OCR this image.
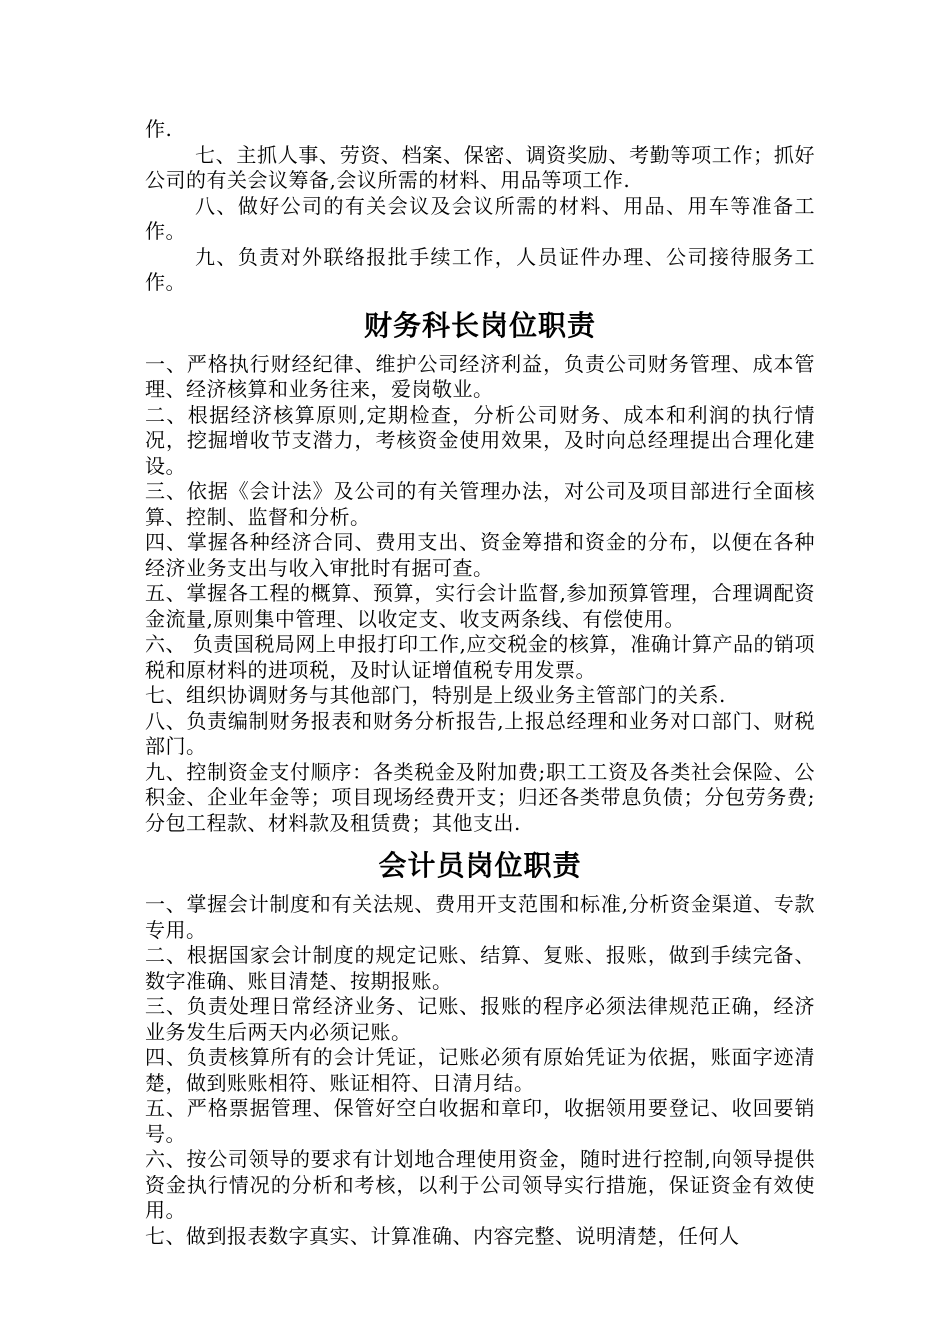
作.

七、主抓人事、劳资、档案、保密、调资奖励、考勤等项工作；抓好公司的有关会议筹备,会议所需的材料、用品等项工作.

八、做好公司的有关会议及会议所需的材料、用品、用车等准备工作。

九、负责对外联络报批手续工作，人员证件办理、公司接待服务工作。

财务科长岗位职责

一、严格执行财经纪律、维护公司经济利益，负责公司财务管理、成本管理、经济核算和业务往来，爱岗敬业。

二、根据经济核算原则,定期检查，分析公司财务、成本和利润的执行情况，挖掘增收节支潜力，考核资金使用效果，及时向总经理提出合理化建设。

三、依据《会计法》及公司的有关管理办法，对公司及项目部进行全面核算、控制、监督和分析。

四、掌握各种经济合同、费用支出、资金筹措和资金的分布，以便在各种经济业务支出与收入审批时有据可查。

五、掌握各工程的概算、预算，实行会计监督,参加预算管理，合理调配资金流量,原则集中管理、以收定支、收支两条线、有偿使用。

六、 负责国税局网上申报打印工作,应交税金的核算，准确计算产品的销项税和原材料的进项税，及时认证增值税专用发票。

七、组织协调财务与其他部门，特别是上级业务主管部门的关系.

八、负责编制财务报表和财务分析报告,上报总经理和业务对口部门、财税部门。

九、控制资金支付顺序：各类税金及附加费;职工工资及各类社会保险、公积金、企业年金等；项目现场经费开支；归还各类带息负债；分包劳务费;分包工程款、材料款及租赁费；其他支出.

会计员岗位职责

一、掌握会计制度和有关法规、费用开支范围和标准,分析资金渠道、专款专用。

二、根据国家会计制度的规定记账、结算、复账、报账，做到手续完备、数字准确、账目清楚、按期报账。

三、负责处理日常经济业务、记账、报账的程序必须法律规范正确，经济业务发生后两天内必须记账。

四、负责核算所有的会计凭证，记账必须有原始凭证为依据，账面字迹清楚，做到账账相符、账证相符、日清月结。

五、严格票据管理、保管好空白收据和章印，收据领用要登记、收回要销号。

六、按公司领导的要求有计划地合理使用资金，随时进行控制,向领导提供资金执行情况的分析和考核，以利于公司领导实行措施，保证资金有效使用。

七、做到报表数字真实、计算准确、内容完整、说明清楚，任何人
